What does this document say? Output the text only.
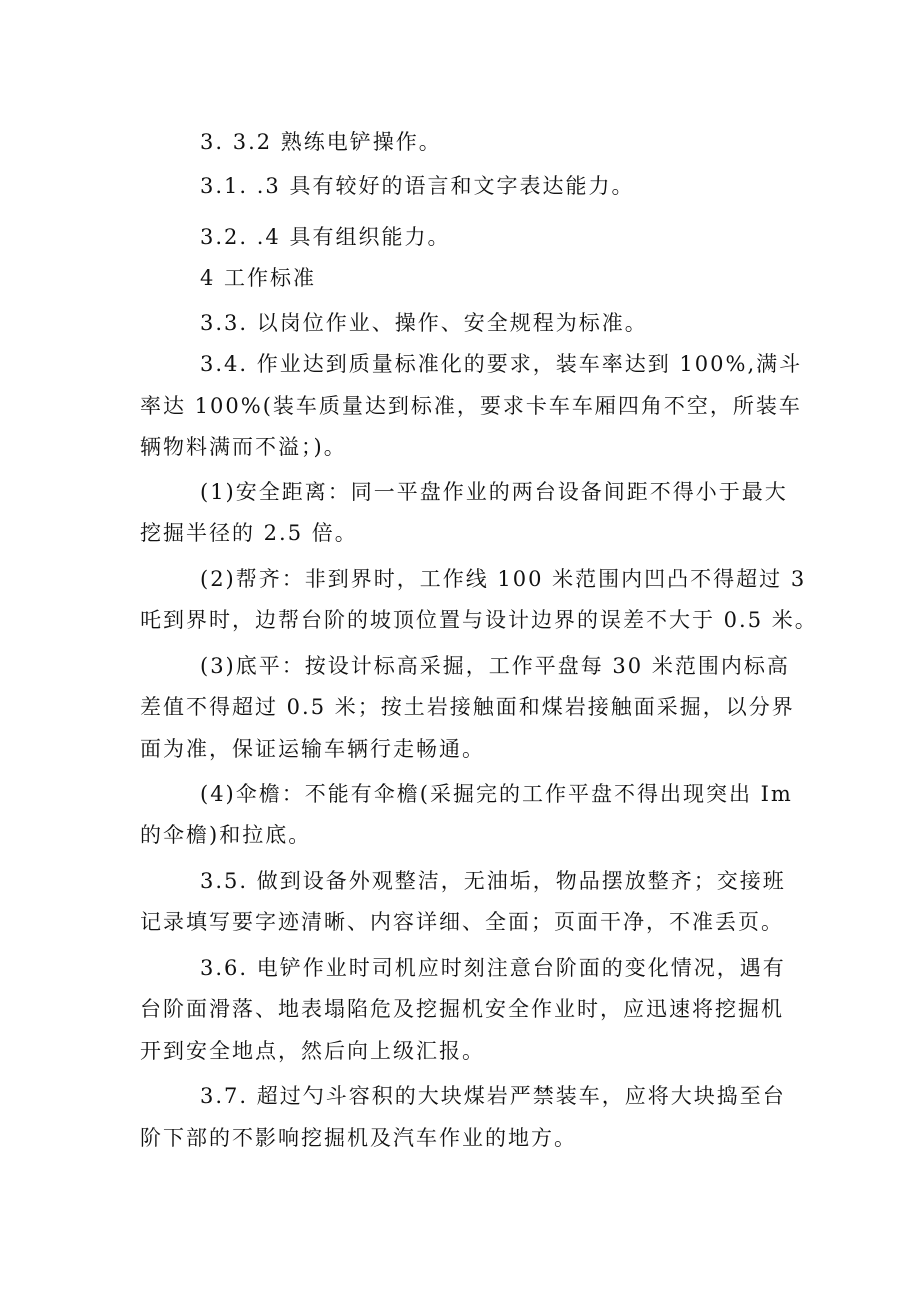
3. 3.2 熟练电铲操作。
3.1. .3 具有较好的语言和文字表达能力。
3.2. .4 具有组织能力。
4 工作标准
3.3. 以岗位作业、操作、安全规程为标准。
3.4. 作业达到质量标准化的要求，装车率达到 100%,满斗
率达 100%(装车质量达到标准，要求卡车车厢四角不空，所装车
辆物料满而不溢；)。
(1)安全距离：同一平盘作业的两台设备间距不得小于最大
挖掘半径的 2.5 倍。
(2)帮齐：非到界时，工作线 100 米范围内凹凸不得超过 3
吒到界时，边帮台阶的坡顶位置与设计边界的误差不大于 0.5 米。
(3)底平：按设计标高采掘，工作平盘每 30 米范围内标高
差值不得超过 0.5 米；按土岩接触面和煤岩接触面采掘，以分界
面为准，保证运输车辆行走畅通。
(4)伞檐：不能有伞檐(采掘完的工作平盘不得出现突出 Im
的伞檐)和拉底。
3.5. 做到设备外观整洁，无油垢，物品摆放整齐；交接班
记录填写要字迹清晰、内容详细、全面；页面干净，不准丢页。
3.6. 电铲作业时司机应时刻注意台阶面的变化情况，遇有
台阶面滑落、地表塌陷危及挖掘机安全作业时，应迅速将挖掘机
开到安全地点，然后向上级汇报。
3.7. 超过勺斗容积的大块煤岩严禁装车，应将大块捣至台
阶下部的不影响挖掘机及汽车作业的地方。
